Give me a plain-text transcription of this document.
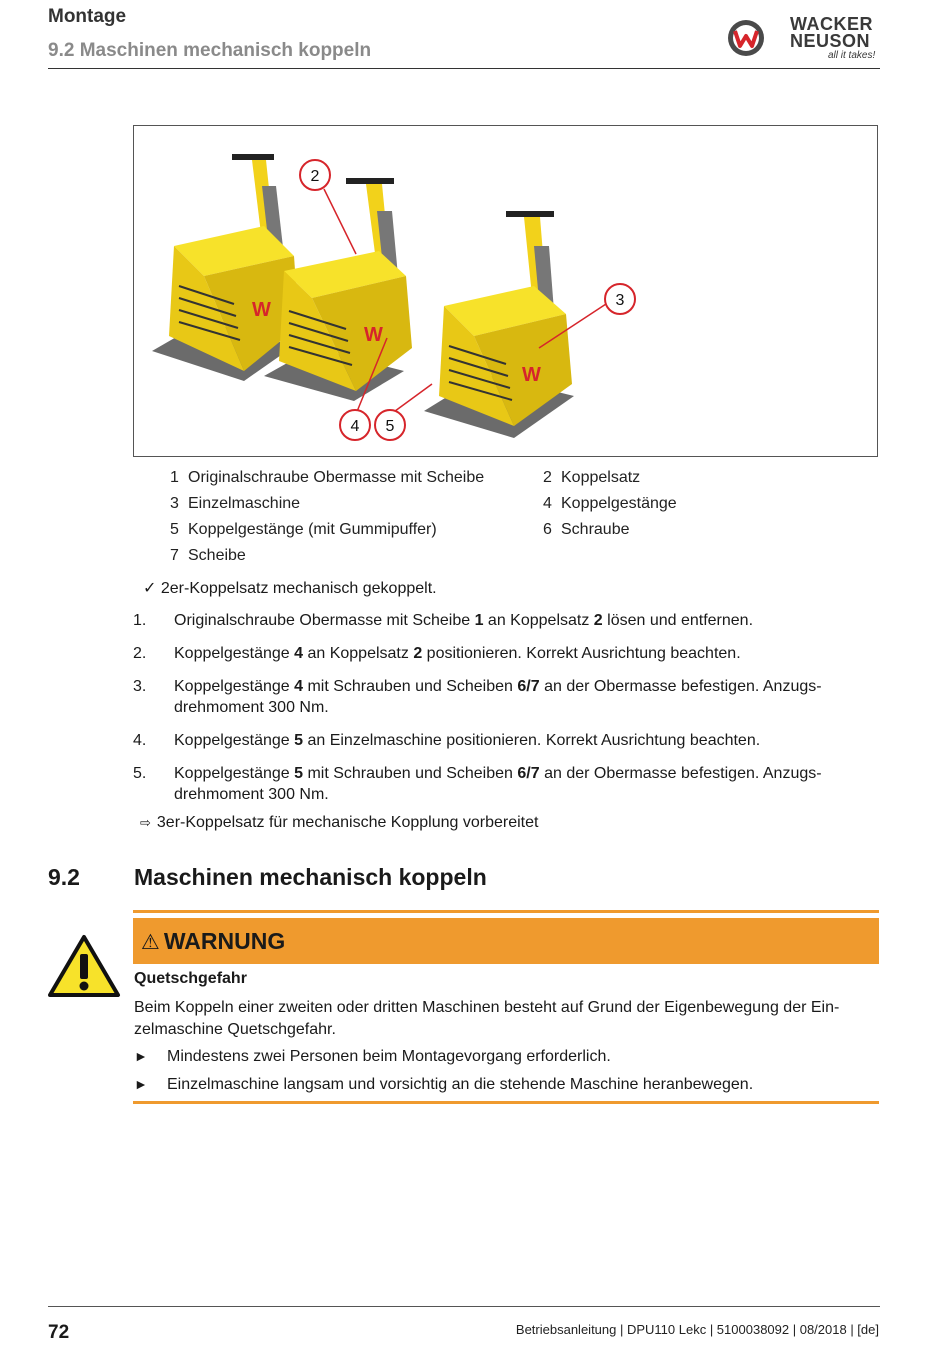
Montage
9.2 Maschinen mechanisch koppeln
WACKER
NEUSON
all it takes!
W
W
W
2
3
4 5
1 Originalschraube Obermasse mit Scheibe	2 Koppelsatz
3 Einzelmaschine	4 Koppelgestänge
5 Koppelgestänge (mit Gummipuffer)	6 Schraube
7 Scheibe
✓ 2er-Koppelsatz mechanisch gekoppelt.
1. Originalschraube Obermasse mit Scheibe 1 an Koppelsatz 2 lösen und entfernen.
2. Koppelgestänge 4 an Koppelsatz 2 positionieren. Korrekt Ausrichtung beachten.
3. Koppelgestänge 4 mit Schrauben und Scheiben 6/7 an der Obermasse befestigen. Anzugs-drehmoment 300 Nm.
4. Koppelgestänge 5 an Einzelmaschine positionieren. Korrekt Ausrichtung beachten.
5. Koppelgestänge 5 mit Schrauben und Scheiben 6/7 an der Obermasse befestigen. Anzugs-drehmoment 300 Nm.
⇨ 3er-Koppelsatz für mechanische Kopplung vorbereitet
9.2 Maschinen mechanisch koppeln
⚠ WARNUNG
Quetschgefahr
Beim Koppeln einer zweiten oder dritten Maschinen besteht auf Grund der Eigenbewegung der Ein-zelmaschine Quetschgefahr.
► Mindestens zwei Personen beim Montagevorgang erforderlich.
► Einzelmaschine langsam und vorsichtig an die stehende Maschine heranbewegen.
72	Betriebsanleitung | DPU110 Lekc | 5100038092 | 08/2018 | [de]
